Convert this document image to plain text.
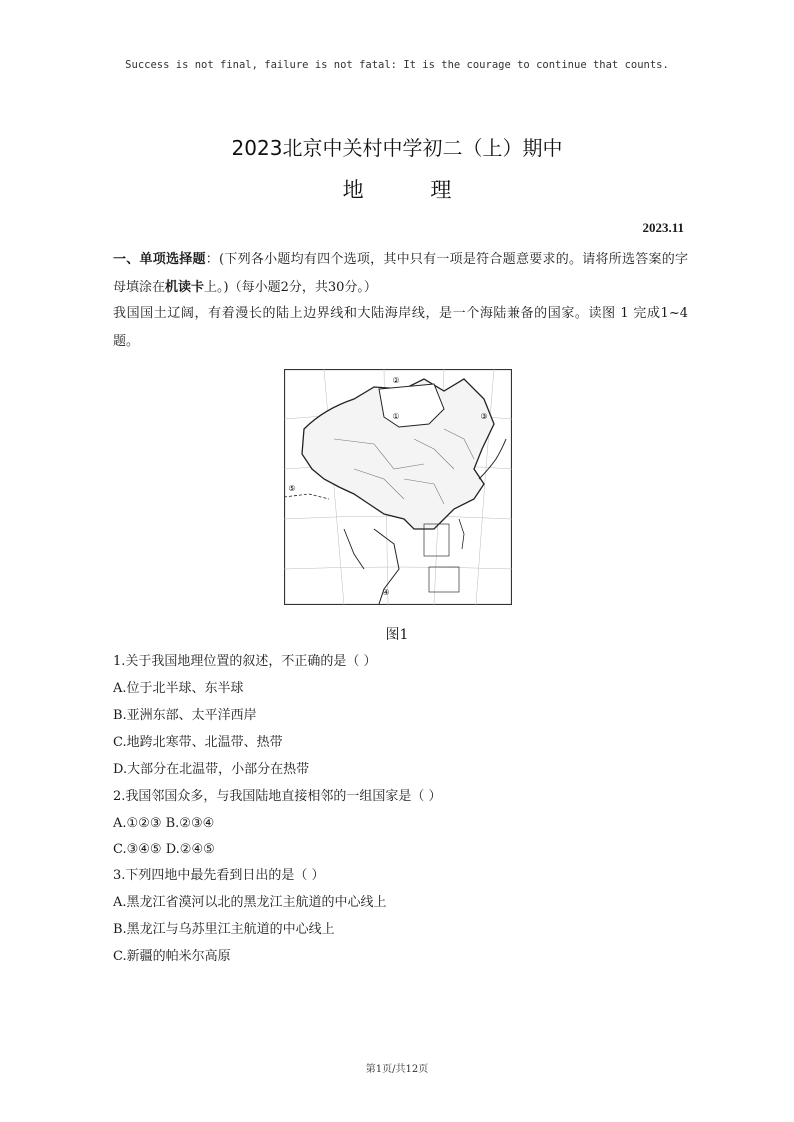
Success is not final, failure is not fatal: It is the courage to continue that counts.
2023北京中关村中学初二（上）期中
地 理
2023.11
一、单项选择题：(下列各小题均有四个选项，其中只有一项是符合题意要求的。请将所选答案的字母填涂在机读卡上。)（每小题2分，共30分。）
我国国土辽阔，有着漫长的陆上边界线和大陆海岸线，是一个海陆兼备的国家。读图 1 完成1~4题。
①
②
③
④
⑤
图1
1.关于我国地理位置的叙述，不正确的是（ ）
A.位于北半球、东半球
B.亚洲东部、太平洋西岸
C.地跨北寒带、北温带、热带
D.大部分在北温带，小部分在热带
2.我国邻国众多，与我国陆地直接相邻的一组国家是（ ）
A.①②③ B.②③④
C.③④⑤ D.②④⑤
3.下列四地中最先看到日出的是（ ）
A.黑龙江省漠河以北的黑龙江主航道的中心线上
B.黑龙江与乌苏里江主航道的中心线上
C.新疆的帕米尔高原
第1页/共12页
